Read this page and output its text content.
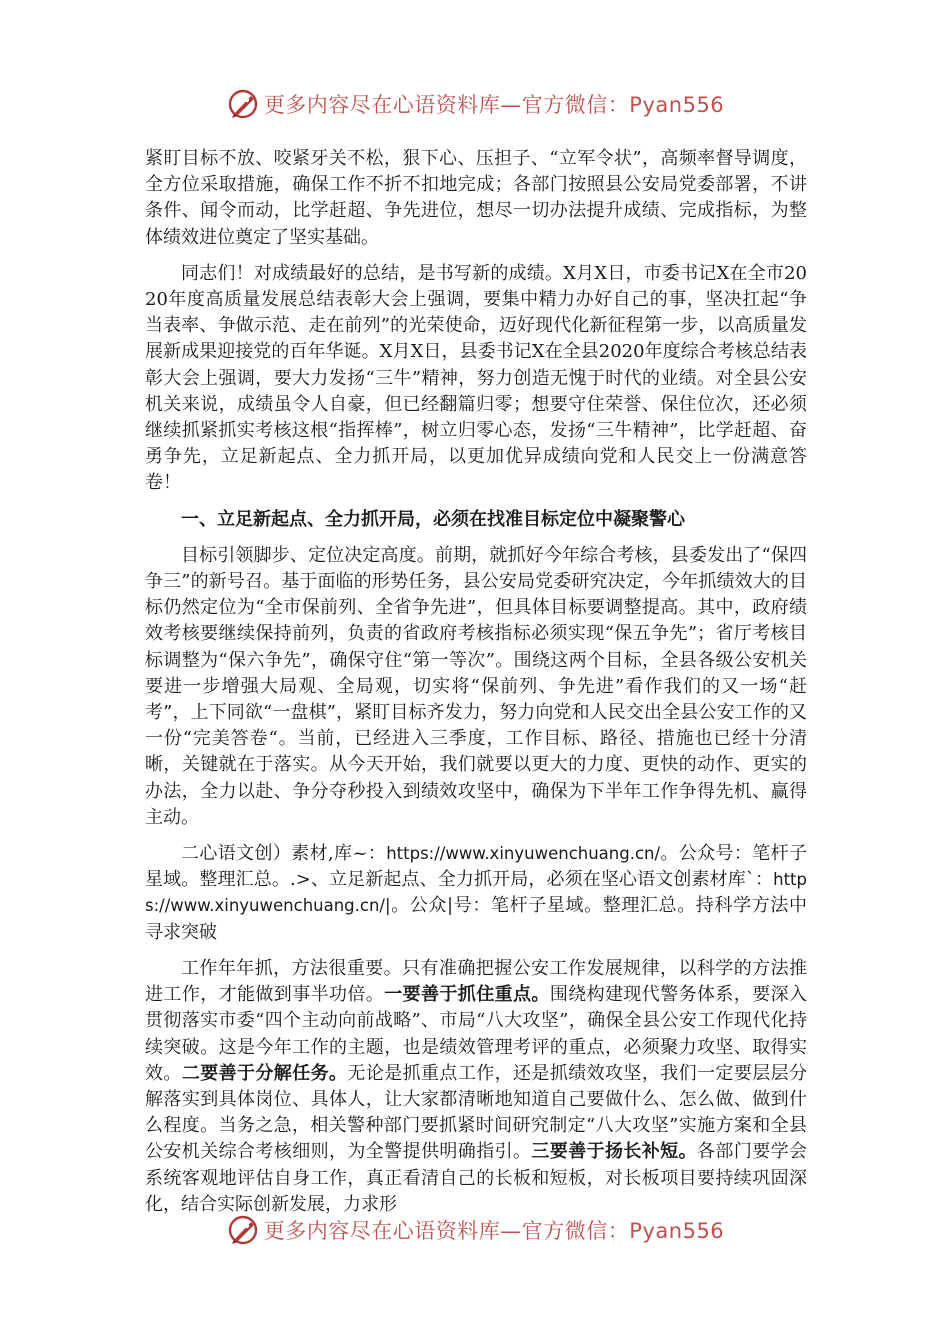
更多内容尽在心语资料库—官方微信：Pyan556

紧盯目标不放、咬紧牙关不松，狠下心、压担子、“立军令状”，高频率督导调度，全方位采取措施，确保工作不折不扣地完成；各部门按照县公安局党委部署，不讲条件、闻令而动，比学赶超、争先进位，想尽一切办法提升成绩、完成指标，为整体绩效进位奠定了坚实基础。

同志们！对成绩最好的总结，是书写新的成绩。X月X日，市委书记X在全市2020年度高质量发展总结表彰大会上强调，要集中精力办好自己的事，坚决扛起“争当表率、争做示范、走在前列”的光荣使命，迈好现代化新征程第一步，以高质量发展新成果迎接党的百年华诞。X月X日，县委书记X在全县2020年度综合考核总结表彰大会上强调，要大力发扬“三牛”精神，努力创造无愧于时代的业绩。对全县公安机关来说，成绩虽令人自豪，但已经翻篇归零；想要守住荣誉、保住位次，还必须继续抓紧抓实考核这根“指挥棒”，树立归零心态，发扬“三牛精神”，比学赶超、奋勇争先，立足新起点、全力抓开局，以更加优异成绩向党和人民交上一份满意答卷！

一、立足新起点、全力抓开局，必须在找准目标定位中凝聚警心

目标引领脚步、定位决定高度。前期，就抓好今年综合考核，县委发出了“保四争三”的新号召。基于面临的形势任务，县公安局党委研究决定，今年抓绩效大的目标仍然定位为“全市保前列、全省争先进”，但具体目标要调整提高。其中，政府绩效考核要继续保持前列，负责的省政府考核指标必须实现“保五争先”；省厅考核目标调整为“保六争先”，确保守住“第一等次”。围绕这两个目标，全县各级公安机关要进一步增强大局观、全局观，切实将“保前列、争先进”看作我们的又一场“赶考”，上下同欲“一盘棋”，紧盯目标齐发力，努力向党和人民交出全县公安工作的又一份“完美答卷“。当前，已经进入三季度，工作目标、路径、措施也已经十分清晰，关键就在于落实。从今天开始，我们就要以更大的力度、更快的动作、更实的办法，全力以赴、争分夺秒投入到绩效攻坚中，确保为下半年工作争得先机、赢得主动。

二心语文创）素材,库~：https://www.xinyuwenchuang.cn/。公众号：笔杆子星域。整理汇总。.>、立足新起点、全力抓开局，必须在坚心语文创素材库`：https://www.xinyuwenchuang.cn/|。公众|号：笔杆子星域。整理汇总。持科学方法中寻求突破

工作年年抓，方法很重要。只有准确把握公安工作发展规律，以科学的方法推进工作，才能做到事半功倍。一要善于抓住重点。围绕构建现代警务体系，要深入贯彻落实市委“四个主动向前战略”、市局“八大攻坚”，确保全县公安工作现代化持续突破。这是今年工作的主题，也是绩效管理考评的重点，必须聚力攻坚、取得实效。二要善于分解任务。无论是抓重点工作，还是抓绩效攻坚，我们一定要层层分解落实到具体岗位、具体人，让大家都清晰地知道自己要做什么、怎么做、做到什么程度。当务之急，相关警种部门要抓紧时间研究制定“八大攻坚”实施方案和全县公安机关综合考核细则，为全警提供明确指引。三要善于扬长补短。各部门要学会系统客观地评估自身工作，真正看清自己的长板和短板，对长板项目要持续巩固深化，结合实际创新发展，力求形

更多内容尽在心语资料库—官方微信：Pyan556
